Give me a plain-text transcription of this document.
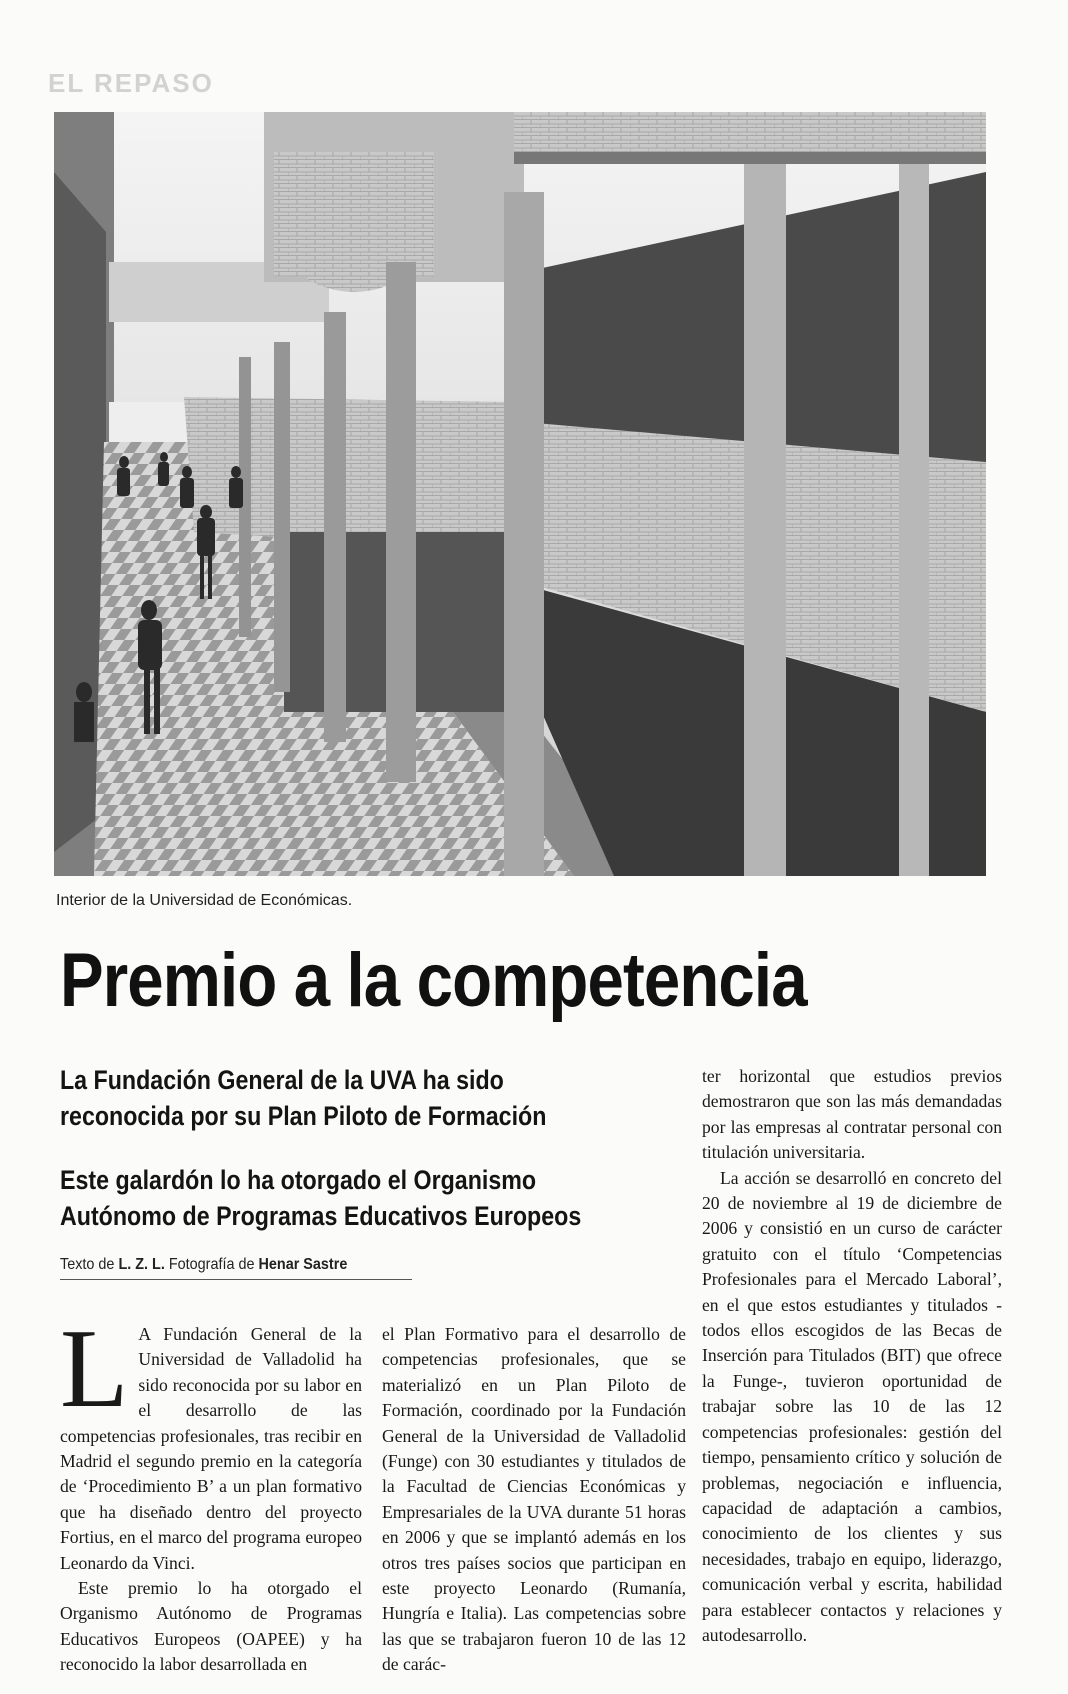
EL REPASO
Interior de la Universidad de Económicas.
Premio a la competencia
La Fundación General de la UVA ha sido reconocida por su Plan Piloto de Formación
Este galardón lo ha otorgado el Organismo Autónomo de Programas Educativos Europeos
Texto de L. Z. L. Fotografía de Henar Sastre

L A Fundación General de la Universidad de Valladolid ha sido reconocida por su labor en el desarrollo de las competencias profesionales, tras recibir en Madrid el segundo premio en la categoría de ‘Procedimiento B’ a un plan formativo que ha diseñado dentro del proyecto Fortius, en el marco del programa europeo Leonardo da Vinci.

Este premio lo ha otorgado el Organismo Autónomo de Programas Educativos Europeos (OAPEE) y ha reconocido la labor desarrollada en

el Plan Formativo para el desarrollo de competencias profesionales, que se materializó en un Plan Piloto de Formación, coordinado por la Fundación General de la Universidad de Valladolid (Funge) con 30 estudiantes y titulados de la Facultad de Ciencias Económicas y Empresariales de la UVA durante 51 horas en 2006 y que se implantó además en los otros tres países socios que participan en este proyecto Leonardo (Rumanía, Hungría e Italia). Las competencias sobre las que se trabajaron fueron 10 de las 12 de carác-

ter horizontal que estudios previos demostraron que son las más demandadas por las empresas al contratar personal con titulación universitaria.

La acción se desarrolló en concreto del 20 de noviembre al 19 de diciembre de 2006 y consistió en un curso de carácter gratuito con el título ‘Competencias Profesionales para el Mercado Laboral’, en el que estos estudiantes y titulados -todos ellos escogidos de las Becas de Inserción para Titulados (BIT) que ofrece la Funge-, tuvieron oportunidad de trabajar sobre las 10 de las 12 competencias profesionales: gestión del tiempo, pensamiento crítico y solución de problemas, negociación e influencia, capacidad de adaptación a cambios, conocimiento de los clientes y sus necesidades, trabajo en equipo, liderazgo, comunicación verbal y escrita, habilidad para establecer contactos y relaciones y autodesarrollo.
